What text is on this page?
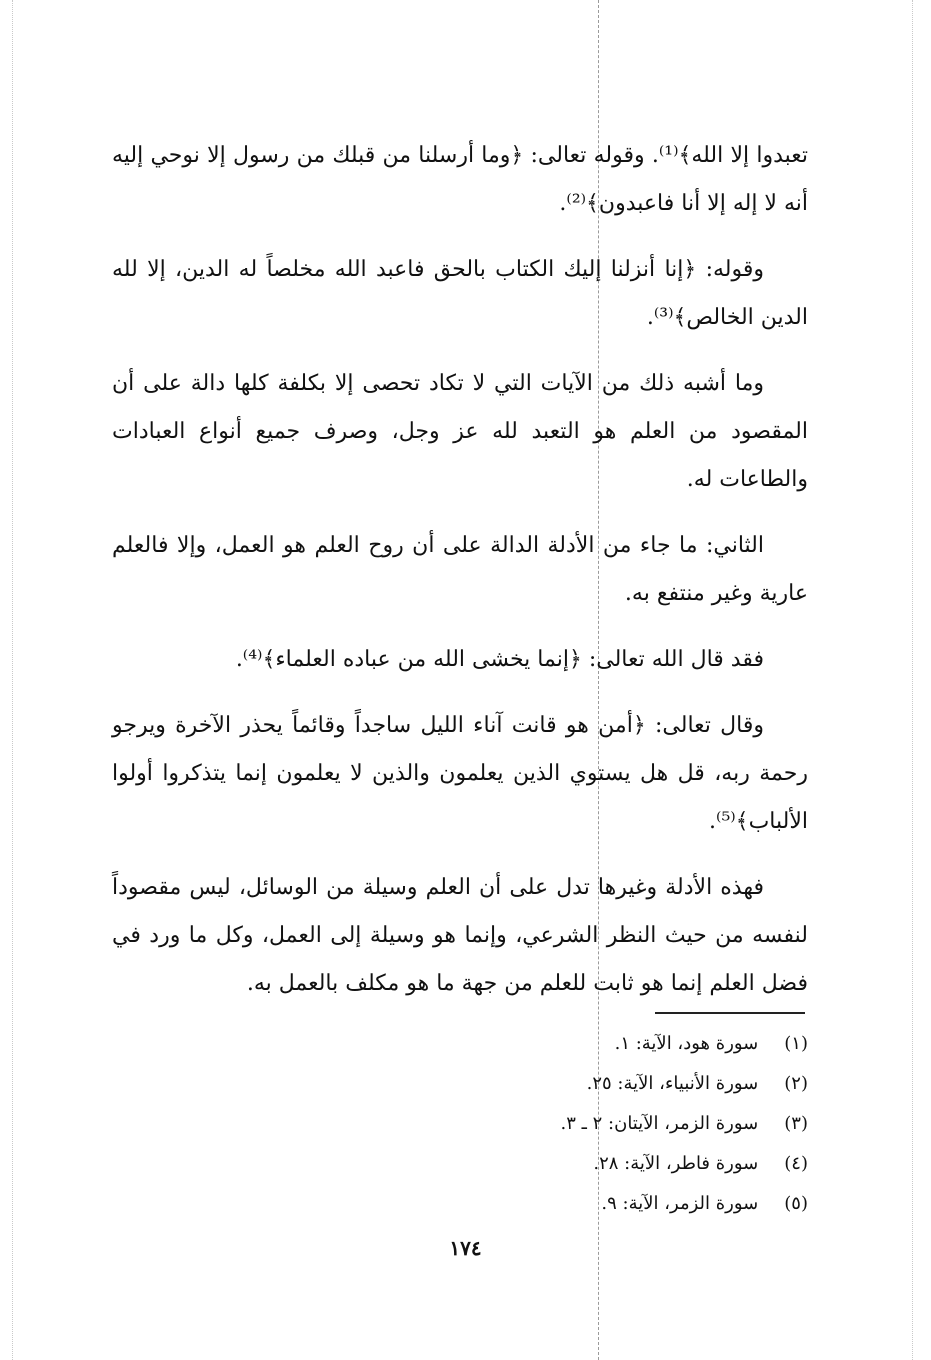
تعبدوا إلا الله﴾⁽¹⁾. وقوله تعالى: ﴿وما أرسلنا من قبلك من رسول إلا نوحي إليه أنه لا إله إلا أنا فاعبدون﴾⁽²⁾.

وقوله: ﴿إنا أنزلنا إليك الكتاب بالحق فاعبد الله مخلصاً له الدين، إلا لله الدين الخالص﴾⁽³⁾.

وما أشبه ذلك من الآيات التي لا تكاد تحصى إلا بكلفة كلها دالة على أن المقصود من العلم هو التعبد لله عز وجل، وصرف جميع أنواع العبادات والطاعات له.

الثاني: ما جاء من الأدلة الدالة على أن روح العلم هو العمل، وإلا فالعلم عارية وغير منتفع به.

فقد قال الله تعالى: ﴿إنما يخشى الله من عباده العلماء﴾⁽⁴⁾.

وقال تعالى: ﴿أمن هو قانت آناء الليل ساجداً وقائماً يحذر الآخرة ويرجو رحمة ربه، قل هل يستوي الذين يعلمون والذين لا يعلمون إنما يتذكروا أولوا الألباب﴾⁽⁵⁾.

فهذه الأدلة وغيرها تدل على أن العلم وسيلة من الوسائل، ليس مقصوداً لنفسه من حيث النظر الشرعي، وإنما هو وسيلة إلى العمل، وكل ما ورد في فضل العلم إنما هو ثابت للعلم من جهة ما هو مكلف بالعمل به.

(١) سورة هود، الآية: ١.
(٢) سورة الأنبياء، الآية: ٢٥.
(٣) سورة الزمر، الآيتان: ٢ ـ ٣.
(٤) سورة فاطر، الآية: ٢٨.
(٥) سورة الزمر، الآية: ٩.
١٧٤
